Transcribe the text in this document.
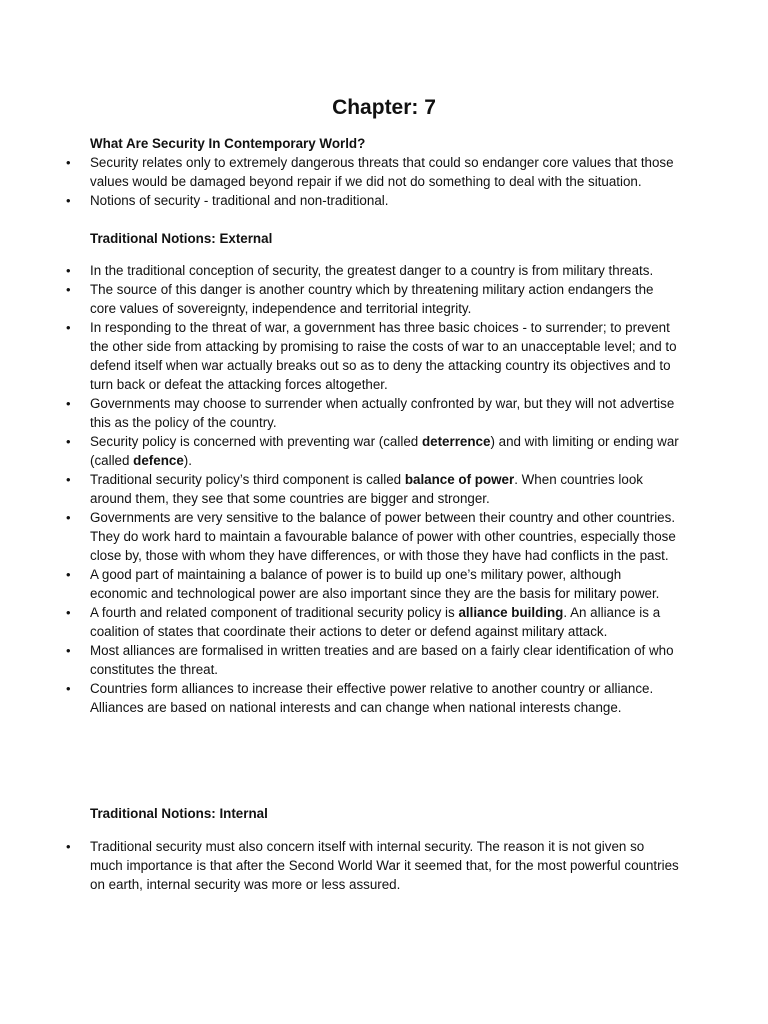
Chapter: 7
What Are Security In Contemporary World?
• Security relates only to extremely dangerous threats that could so endanger core values that those values would be damaged beyond repair if we did not do something to deal with the situation.
• Notions of security - traditional and non-traditional.
Traditional Notions: External
• In the traditional conception of security, the greatest danger to a country is from military threats.
• The source of this danger is another country which by threatening military action endangers the core values of sovereignty, independence and territorial integrity.
• In responding to the threat of war, a government has three basic choices - to surrender; to prevent the other side from attacking by promising to raise the costs of war to an unacceptable level; and to defend itself when war actually breaks out so as to deny the attacking country its objectives and to turn back or defeat the attacking forces altogether.
• Governments may choose to surrender when actually confronted by war, but they will not advertise this as the policy of the country.
• Security policy is concerned with preventing war (called deterrence) and with limiting or ending war (called defence).
• Traditional security policy’s third component is called balance of power. When countries look around them, they see that some countries are bigger and stronger.
• Governments are very sensitive to the balance of power between their country and other countries. They do work hard to maintain a favourable balance of power with other countries, especially those close by, those with whom they have differences, or with those they have had conflicts in the past.
• A good part of maintaining a balance of power is to build up one’s military power, although economic and technological power are also important since they are the basis for military power.
• A fourth and related component of traditional security policy is alliance building. An alliance is a coalition of states that coordinate their actions to deter or defend against military attack.
• Most alliances are formalised in written treaties and are based on a fairly clear identification of who constitutes the threat.
• Countries form alliances to increase their effective power relative to another country or alliance. Alliances are based on national interests and can change when national interests change.
Traditional Notions: Internal
• Traditional security must also concern itself with internal security. The reason it is not given so much importance is that after the Second World War it seemed that, for the most powerful countries on earth, internal security was more or less assured.
